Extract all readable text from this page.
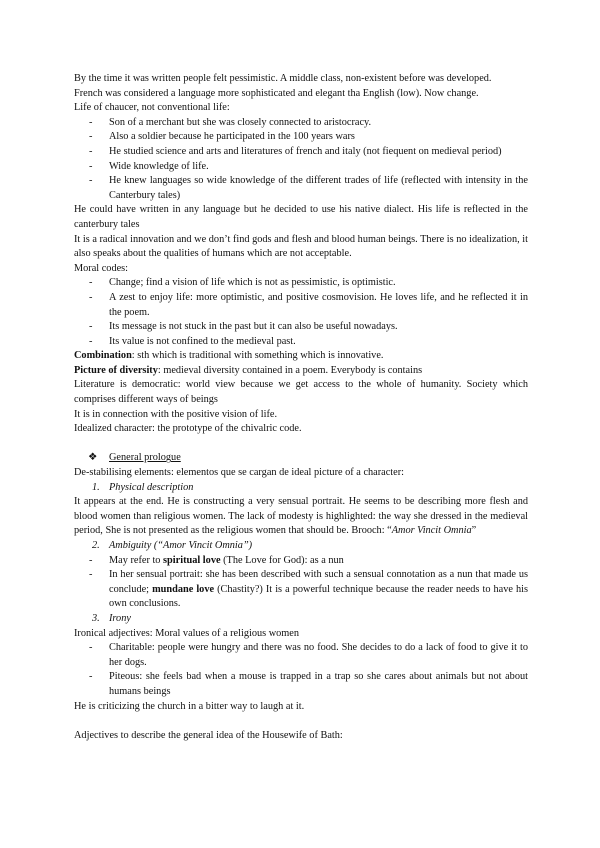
By the time it was written people felt pessimistic. A middle class, non-existent before was developed.

French was considered a language more sophisticated and elegant tha English (low). Now change.

Life of chaucer, not conventional life:

- Son of a merchant but she was closely connected to aristocracy.
- Also a soldier because he participated in the 100 years wars
- He studied science and arts and literatures of french and italy (not fiequent on medieval period)
- Wide knowledge of life.
- He knew languages so wide knowledge of the different trades of life (reflected with intensity in the Canterbury tales)

He could have written in any language but he decided to use his native dialect. His life is reflected in the canterbury tales

It is a radical innovation and we don’t find gods and flesh and blood human beings. There is no idealization, it also speaks about the qualities of humans which are not acceptable.

Moral codes:

- Change; find a vision of life which is not as pessimistic, is optimistic.
- A zest to enjoy life: more optimistic, and positive cosmovision. He loves life, and he reflected it in the poem.
- Its message is not stuck in the past but it can also be useful nowadays.
- Its value is not confined to the medieval past.

Combination: sth which is traditional with something which is innovative.

Picture of diversity: medieval diversity contained in a poem. Everybody is contains

Literature is democratic: world view because we get access to the whole of humanity. Society which comprises different ways of beings

It is in connection with the positive vision of life.

Idealized character: the prototype of the chivalric code.

❖ General prologue

De-stabilising elements: elementos que se cargan de ideal picture of a character:

1. Physical description

It appears at the end. He is constructing a very sensual portrait. He seems to be describing more flesh and blood women than religious women. The lack of modesty is highlighted: the way she dressed in the medieval period, She is not presented as the religious women that should be. Brooch: “Amor Vincit Omnia”

2. Ambiguity (“Amor Vincit Omnia”)
- May refer to spiritual love (The Love for God): as a nun
- In her sensual portrait: she has been described with such a sensual connotation as a nun that made us conclude; mundane love (Chastity?) It is a powerful technique because the reader needs to have his own conclusions.
3. Irony

Ironical adjectives: Moral values of a religious women

- Charitable: people were hungry and there was no food. She decides to do a lack of food to give it to her dogs.
- Piteous: she feels bad when a mouse is trapped in a trap so she cares about animals but not about humans beings

He is criticizing the church in a bitter way to laugh at it.

Adjectives to describe the general idea of the Housewife of Bath:
